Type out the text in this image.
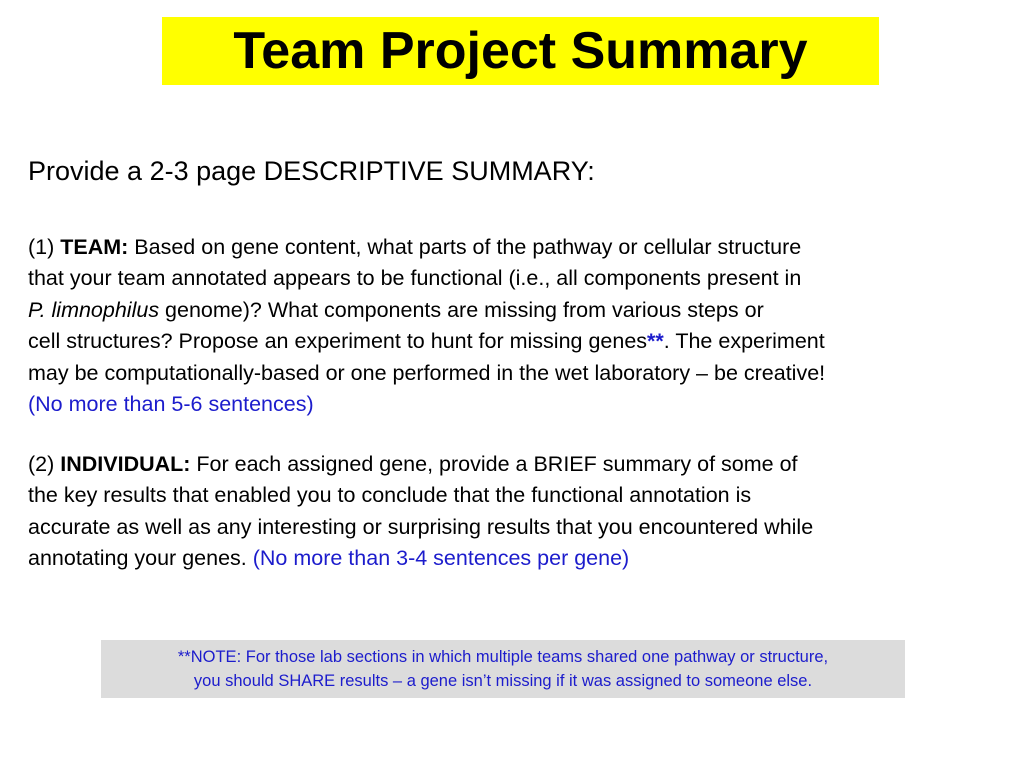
Team Project Summary
Provide a 2-3 page DESCRIPTIVE SUMMARY:
(1) TEAM: Based on gene content, what parts of the pathway or cellular structure
that your team annotated appears to be functional (i.e., all components present in
P. limnophilus genome)? What components are missing from various steps or
cell structures? Propose an experiment to hunt for missing genes**. The experiment
may be computationally-based or one performed in the wet laboratory – be creative!
(No more than 5-6 sentences)
(2) INDIVIDUAL: For each assigned gene, provide a BRIEF summary of some of
the key results that enabled you to conclude that the functional annotation is
accurate as well as any interesting or surprising results that you encountered while
annotating your genes. (No more than 3-4 sentences per gene)
**NOTE: For those lab sections in which multiple teams shared one pathway or structure,
you should SHARE results – a gene isn’t missing if it was assigned to someone else.
